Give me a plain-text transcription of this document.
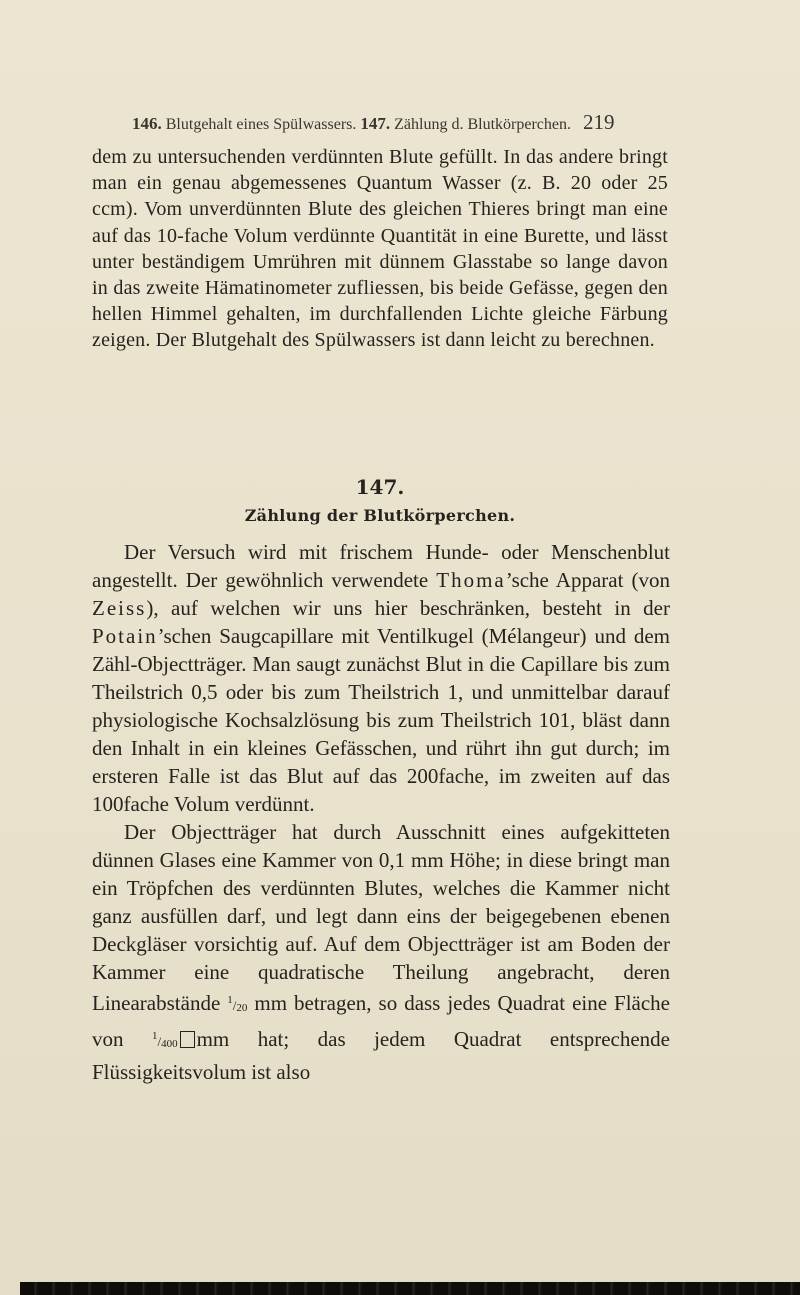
146. Blutgehalt eines Spülwassers. 147. Zählung d. Blutkörperchen. 219
dem zu untersuchenden verdünnten Blute gefüllt. In das andere bringt man ein genau abgemessenes Quantum Wasser (z. B. 20 oder 25 ccm). Vom unverdünnten Blute des gleichen Thieres bringt man eine auf das 10-fache Volum verdünnte Quantität in eine Burette, und lässt unter beständigem Umrühren mit dünnem Glasstabe so lange davon in das zweite Hämatinometer zufliessen, bis beide Gefässe, gegen den hellen Himmel gehalten, im durchfallenden Lichte gleiche Färbung zeigen. Der Blutgehalt des Spülwassers ist dann leicht zu berechnen.
147.
Zählung der Blutkörperchen.
Der Versuch wird mit frischem Hunde- oder Menschenblut angestellt. Der gewöhnlich verwendete Thoma’sche Apparat (von Zeiss), auf welchen wir uns hier beschränken, besteht in der Potain’schen Saugcapillare mit Ventilkugel (Mélangeur) und dem Zähl-Objectträger. Man saugt zunächst Blut in die Capillare bis zum Theilstrich 0,5 oder bis zum Theilstrich 1, und unmittelbar darauf physiologische Kochsalzlösung bis zum Theilstrich 101, bläst dann den Inhalt in ein kleines Gefässchen, und rührt ihn gut durch; im ersteren Falle ist das Blut auf das 200fache, im zweiten auf das 100fache Volum verdünnt.
Der Objectträger hat durch Ausschnitt eines aufgekitteten dünnen Glases eine Kammer von 0,1 mm Höhe; in diese bringt man ein Tröpfchen des verdünnten Blutes, welches die Kammer nicht ganz ausfüllen darf, und legt dann eins der beigegebenen ebenen Deckgläser vorsichtig auf. Auf dem Objectträger ist am Boden der Kammer eine quadratische Theilung angebracht, deren Linearabstände $^1/_{20}$ mm betragen, so dass jedes Quadrat eine Fläche von	$^1/_{400}$ mm hat; das jedem Quadrat entsprechende Flüssigkeitsvolum ist also
